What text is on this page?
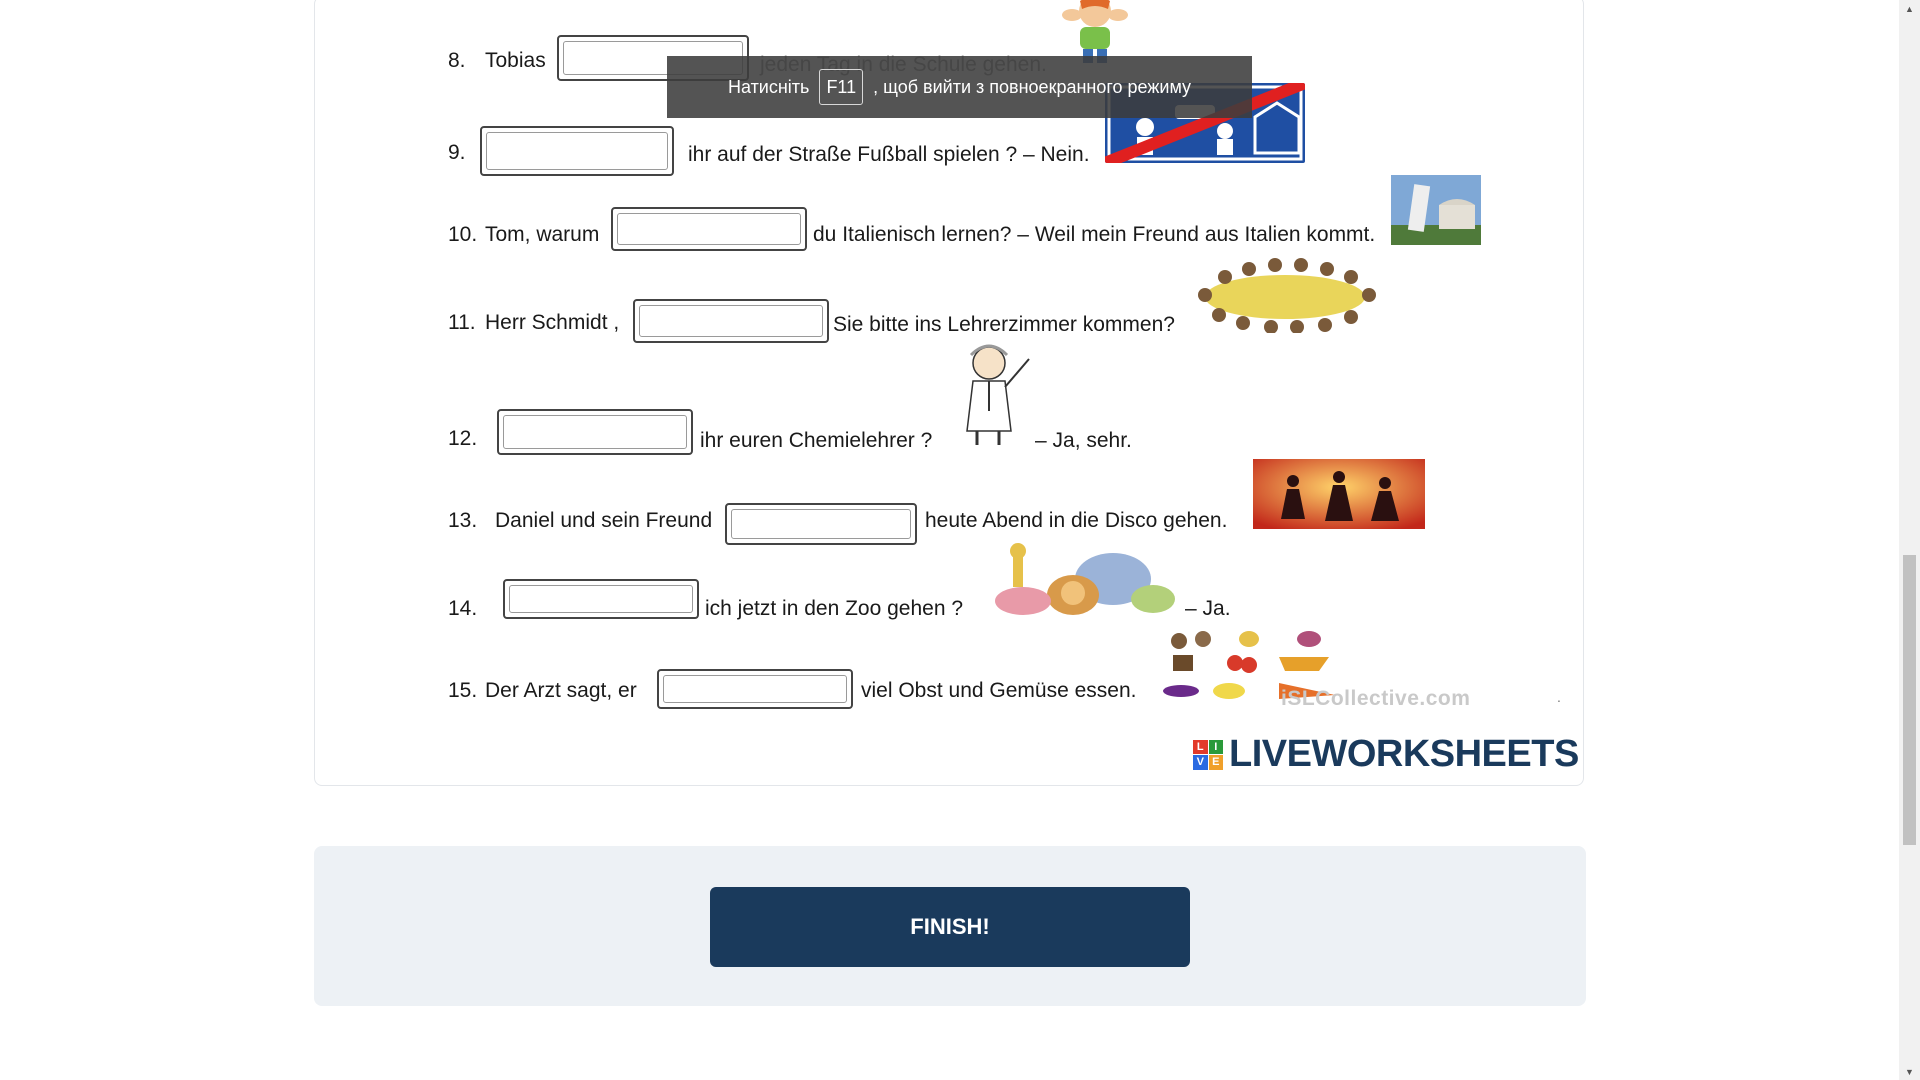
8. Tobias
9.	ihr auf der Straße Fußball spielen ? – Nein.
10. Tom, warum	du Italienisch lernen? – Weil mein Freund aus Italien kommt.
11. Herr Schmidt ,	Sie bitte ins Lehrerzimmer kommen?
12.	ihr euren Chemielehrer ?	– Ja, sehr.
13. Daniel und sein Freund	heute Abend in die Disco gehen.
14.	ich jetzt in den Zoo gehen ?	– Ja.
15. Der Arzt sagt, er	viel Obst und Gemüse essen.	iSLCollective.com	.
L I
V E LIVEWORKSHEETS
Натисніть F11 , щоб вийти з повноекранного режиму
FINISH!
▲
▼
